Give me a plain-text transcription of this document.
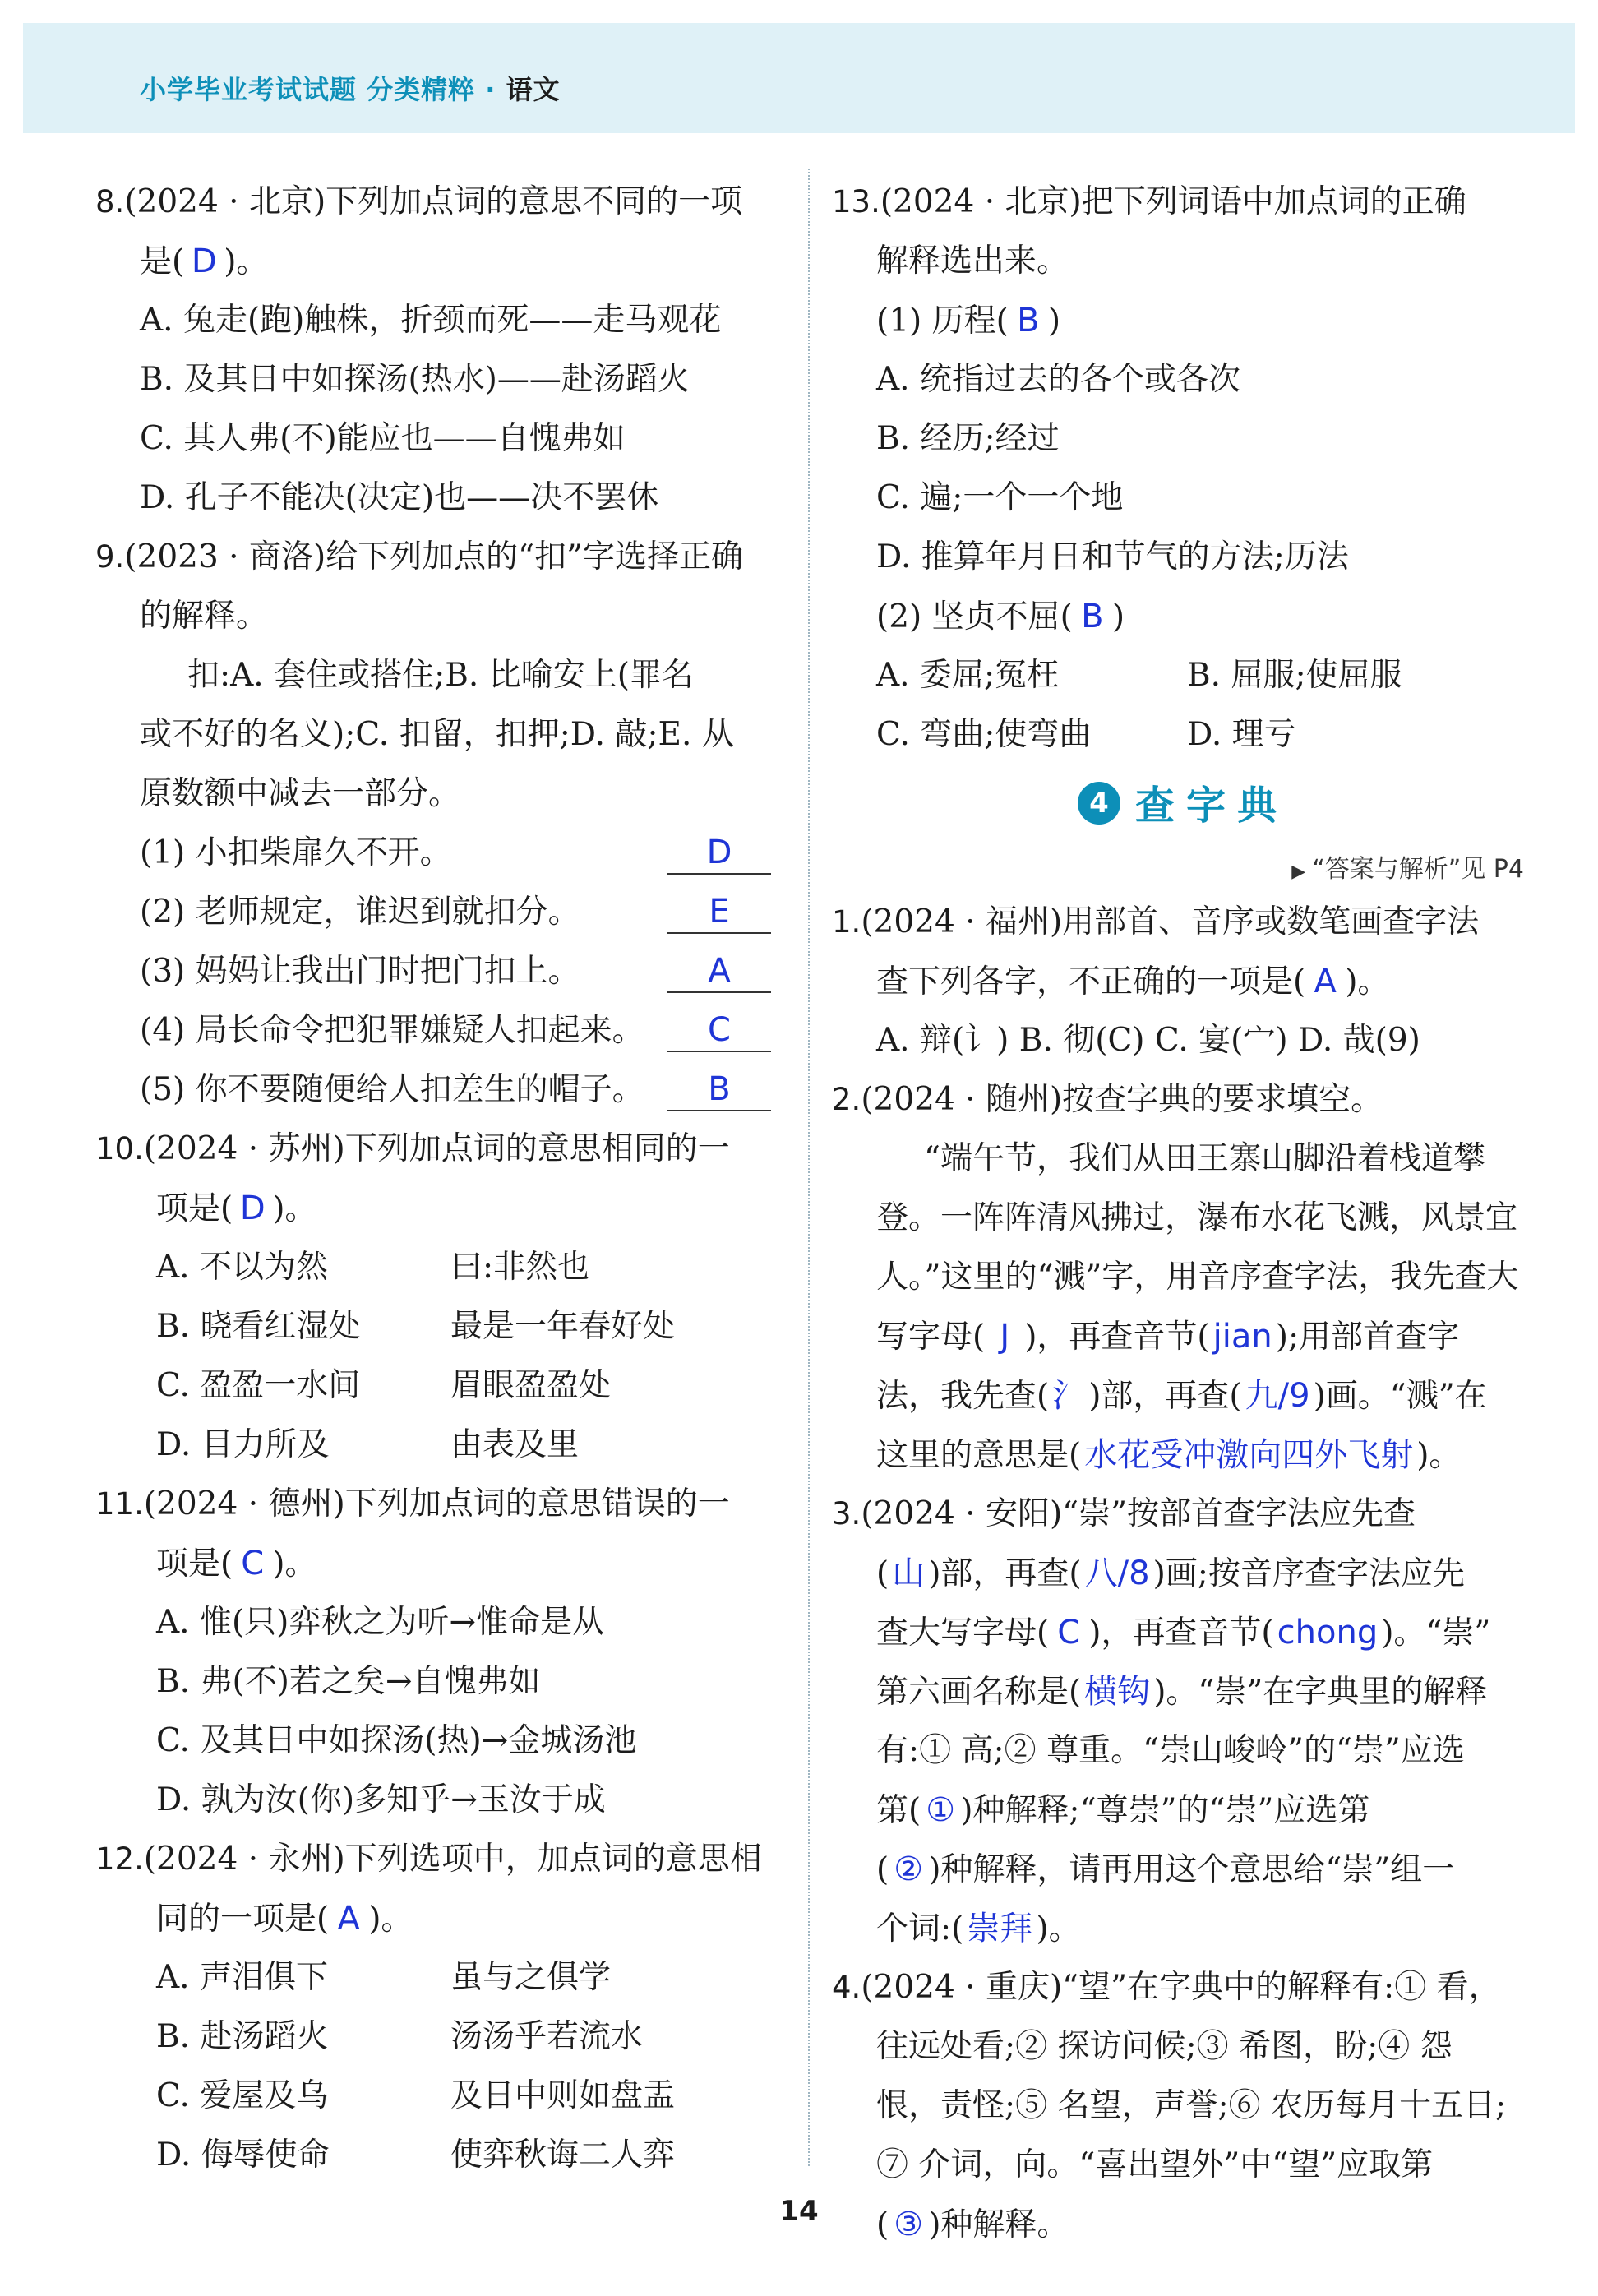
小学毕业考试试题 分类精粹 · 语文
8.(2024 · 北京)下列加点词的意思不同的一项
是( D )。
A. 兔走(跑)触株，折颈而死——走马观花
B. 及其日中如探汤(热水)——赴汤蹈火
C. 其人弗(不)能应也——自愧弗如
D. 孔子不能决(决定)也——决不罢休
9.(2023 · 商洛)给下列加点的“扣”字选择正确
的解释。
扣:A. 套住或搭住;B. 比喻安上(罪名
或不好的名义);C. 扣留，扣押;D. 敲;E. 从
原数额中减去一部分。
(1) 小扣柴扉久不开。	D
(2) 老师规定，谁迟到就扣分。	E
(3) 妈妈让我出门时把门扣上。	A
(4) 局长命令把犯罪嫌疑人扣起来。	C
(5) 你不要随便给人扣差生的帽子。	B
10.(2024 · 苏州)下列加点词的意思相同的一
项是( D )。
A. 不以为然	曰:非然也
B. 晓看红湿处	最是一年春好处
C. 盈盈一水间	眉眼盈盈处
D. 目力所及	由表及里
11.(2024 · 德州)下列加点词的意思错误的一
项是( C )。
A. 惟(只)弈秋之为听→惟命是从
B. 弗(不)若之矣→自愧弗如
C. 及其日中如探汤(热)→金城汤池
D. 孰为汝(你)多知乎→玉汝于成
12.(2024 · 永州)下列选项中，加点词的意思相
同的一项是( A )。
A. 声泪俱下	虽与之俱学
B. 赴汤蹈火	汤汤乎若流水
C. 爱屋及乌	及日中则如盘盂
D. 侮辱使命	使弈秋诲二人弈
13.(2024 · 北京)把下列词语中加点词的正确
解释选出来。
(1) 历程( B )
A. 统指过去的各个或各次
B. 经历;经过
C. 遍;一个一个地
D. 推算年月日和节气的方法;历法
(2) 坚贞不屈( B )
A. 委屈;冤枉	B. 屈服;使屈服
C. 弯曲;使弯曲	D. 理亏
4 查字典
▶ “答案与解析”见 P4
1.(2024 · 福州)用部首、音序或数笔画查字法
查下列各字，不正确的一项是( A )。
A. 辩(讠) B. 彻(C) C. 宴(宀) D. 哉(9)
2.(2024 · 随州)按查字典的要求填空。
“端午节，我们从田王寨山脚沿着栈道攀
登。一阵阵清风拂过，瀑布水花飞溅，风景宜
人。”这里的“溅”字，用音序查字法，我先查大
写字母( J )，再查音节( jian );用部首查字
法，我先查( 氵 )部，再查( 九/9 )画。“溅”在
这里的意思是( 水花受冲激向四外飞射 )。
3.(2024 · 安阳)“崇”按部首查字法应先查
( 山 )部，再查( 八/8 )画;按音序查字法应先
查大写字母( C )，再查音节( chong )。“崇”
第六画名称是( 横钩 )。“崇”在字典里的解释
有:① 高;② 尊重。“崇山峻岭”的“崇”应选
第( ① )种解释;“尊崇”的“崇”应选第
( ② )种解释，请再用这个意思给“崇”组一
个词:( 崇拜 )。
4.(2024 · 重庆)“望”在字典中的解释有:① 看，
往远处看;② 探访问候;③ 希图，盼;④ 怨
恨，责怪;⑤ 名望，声誉;⑥ 农历每月十五日;
⑦ 介词，向。“喜出望外”中“望”应取第
( ③ )种解释。
14
